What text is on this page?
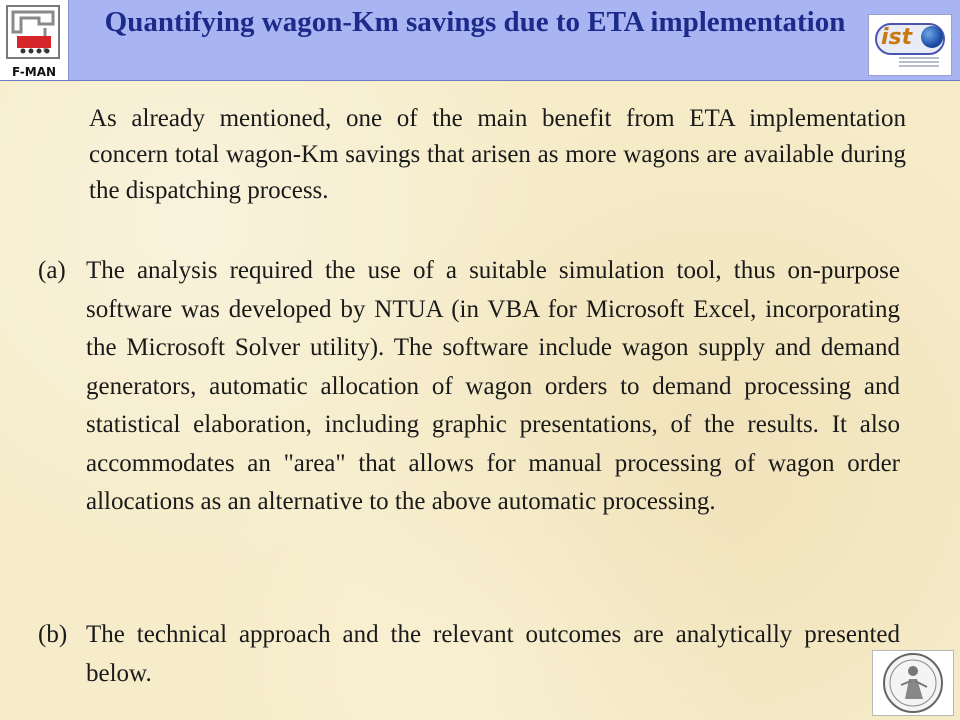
F-MAN
Quantifying wagon-Km savings due to ETA implementation	ist

As already mentioned, one of the main benefit from ETA implementation concern total wagon-Km savings that arisen as more wagons are available during the dispatching process.

(a) The analysis required the use of a suitable simulation tool, thus on-purpose software was developed by NTUA (in VBA for Microsoft Excel, incorporating the Microsoft Solver utility). The software include wagon supply and demand generators, automatic allocation of wagon orders to demand processing and statistical elaboration, including graphic presentations, of the results. It also accommodates an "area" that allows for manual processing of wagon order allocations as an alternative to the above automatic processing.
(b) The technical approach and the relevant outcomes are analytically presented below.
